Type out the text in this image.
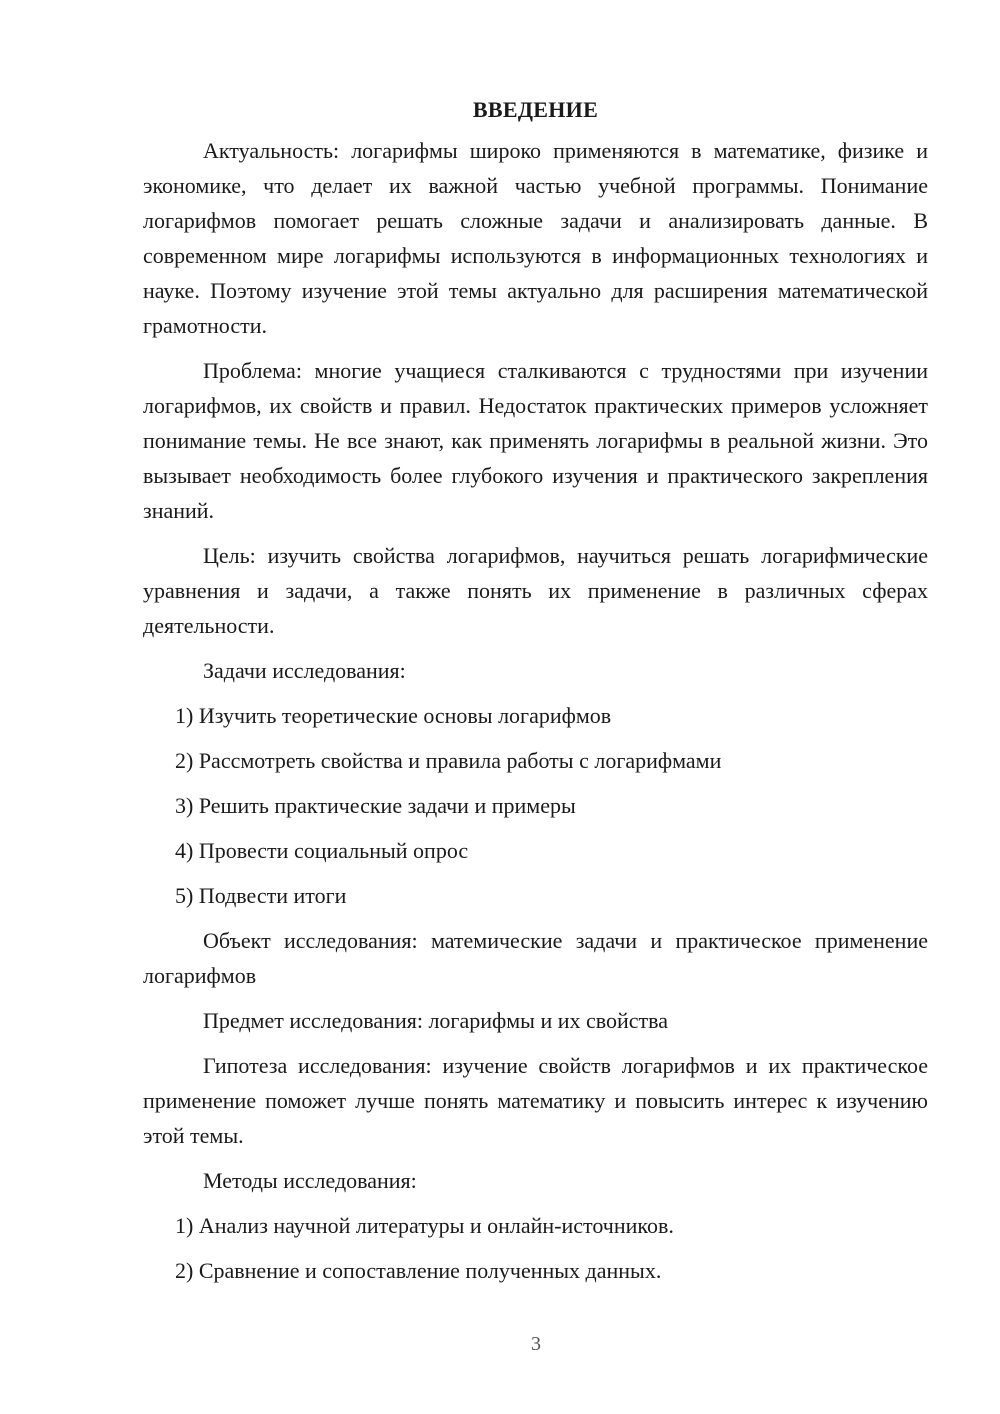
ВВЕДЕНИЕ

Актуальность: логарифмы широко применяются в математике, физике и экономике, что делает их важной частью учебной программы. Понимание логарифмов помогает решать сложные задачи и анализировать данные. В современном мире логарифмы используются в информационных технологиях и науке. Поэтому изучение этой темы актуально для расширения математической грамотности.

Проблема: многие учащиеся сталкиваются с трудностями при изучении логарифмов, их свойств и правил. Недостаток практических примеров усложняет понимание темы. Не все знают, как применять логарифмы в реальной жизни. Это вызывает необходимость более глубокого изучения и практического закрепления знаний.

Цель: изучить свойства логарифмов, научиться решать логарифмические уравнения и задачи, а также понять их применение в различных сферах деятельности.

Задачи исследования:

1) Изучить теоретические основы логарифмов
2) Рассмотреть свойства и правила работы с логарифмами
3) Решить практические задачи и примеры
4) Провести социальный опрос
5) Подвести итоги

Объект исследования: матемические задачи и практическое применение логарифмов

Предмет исследования: логарифмы и их свойства

Гипотеза исследования: изучение свойств логарифмов и их практическое применение поможет лучше понять математику и повысить интерес к изучению этой темы.

Методы исследования:

1) Анализ научной литературы и онлайн-источников.
2) Сравнение и сопоставление полученных данных.
3
